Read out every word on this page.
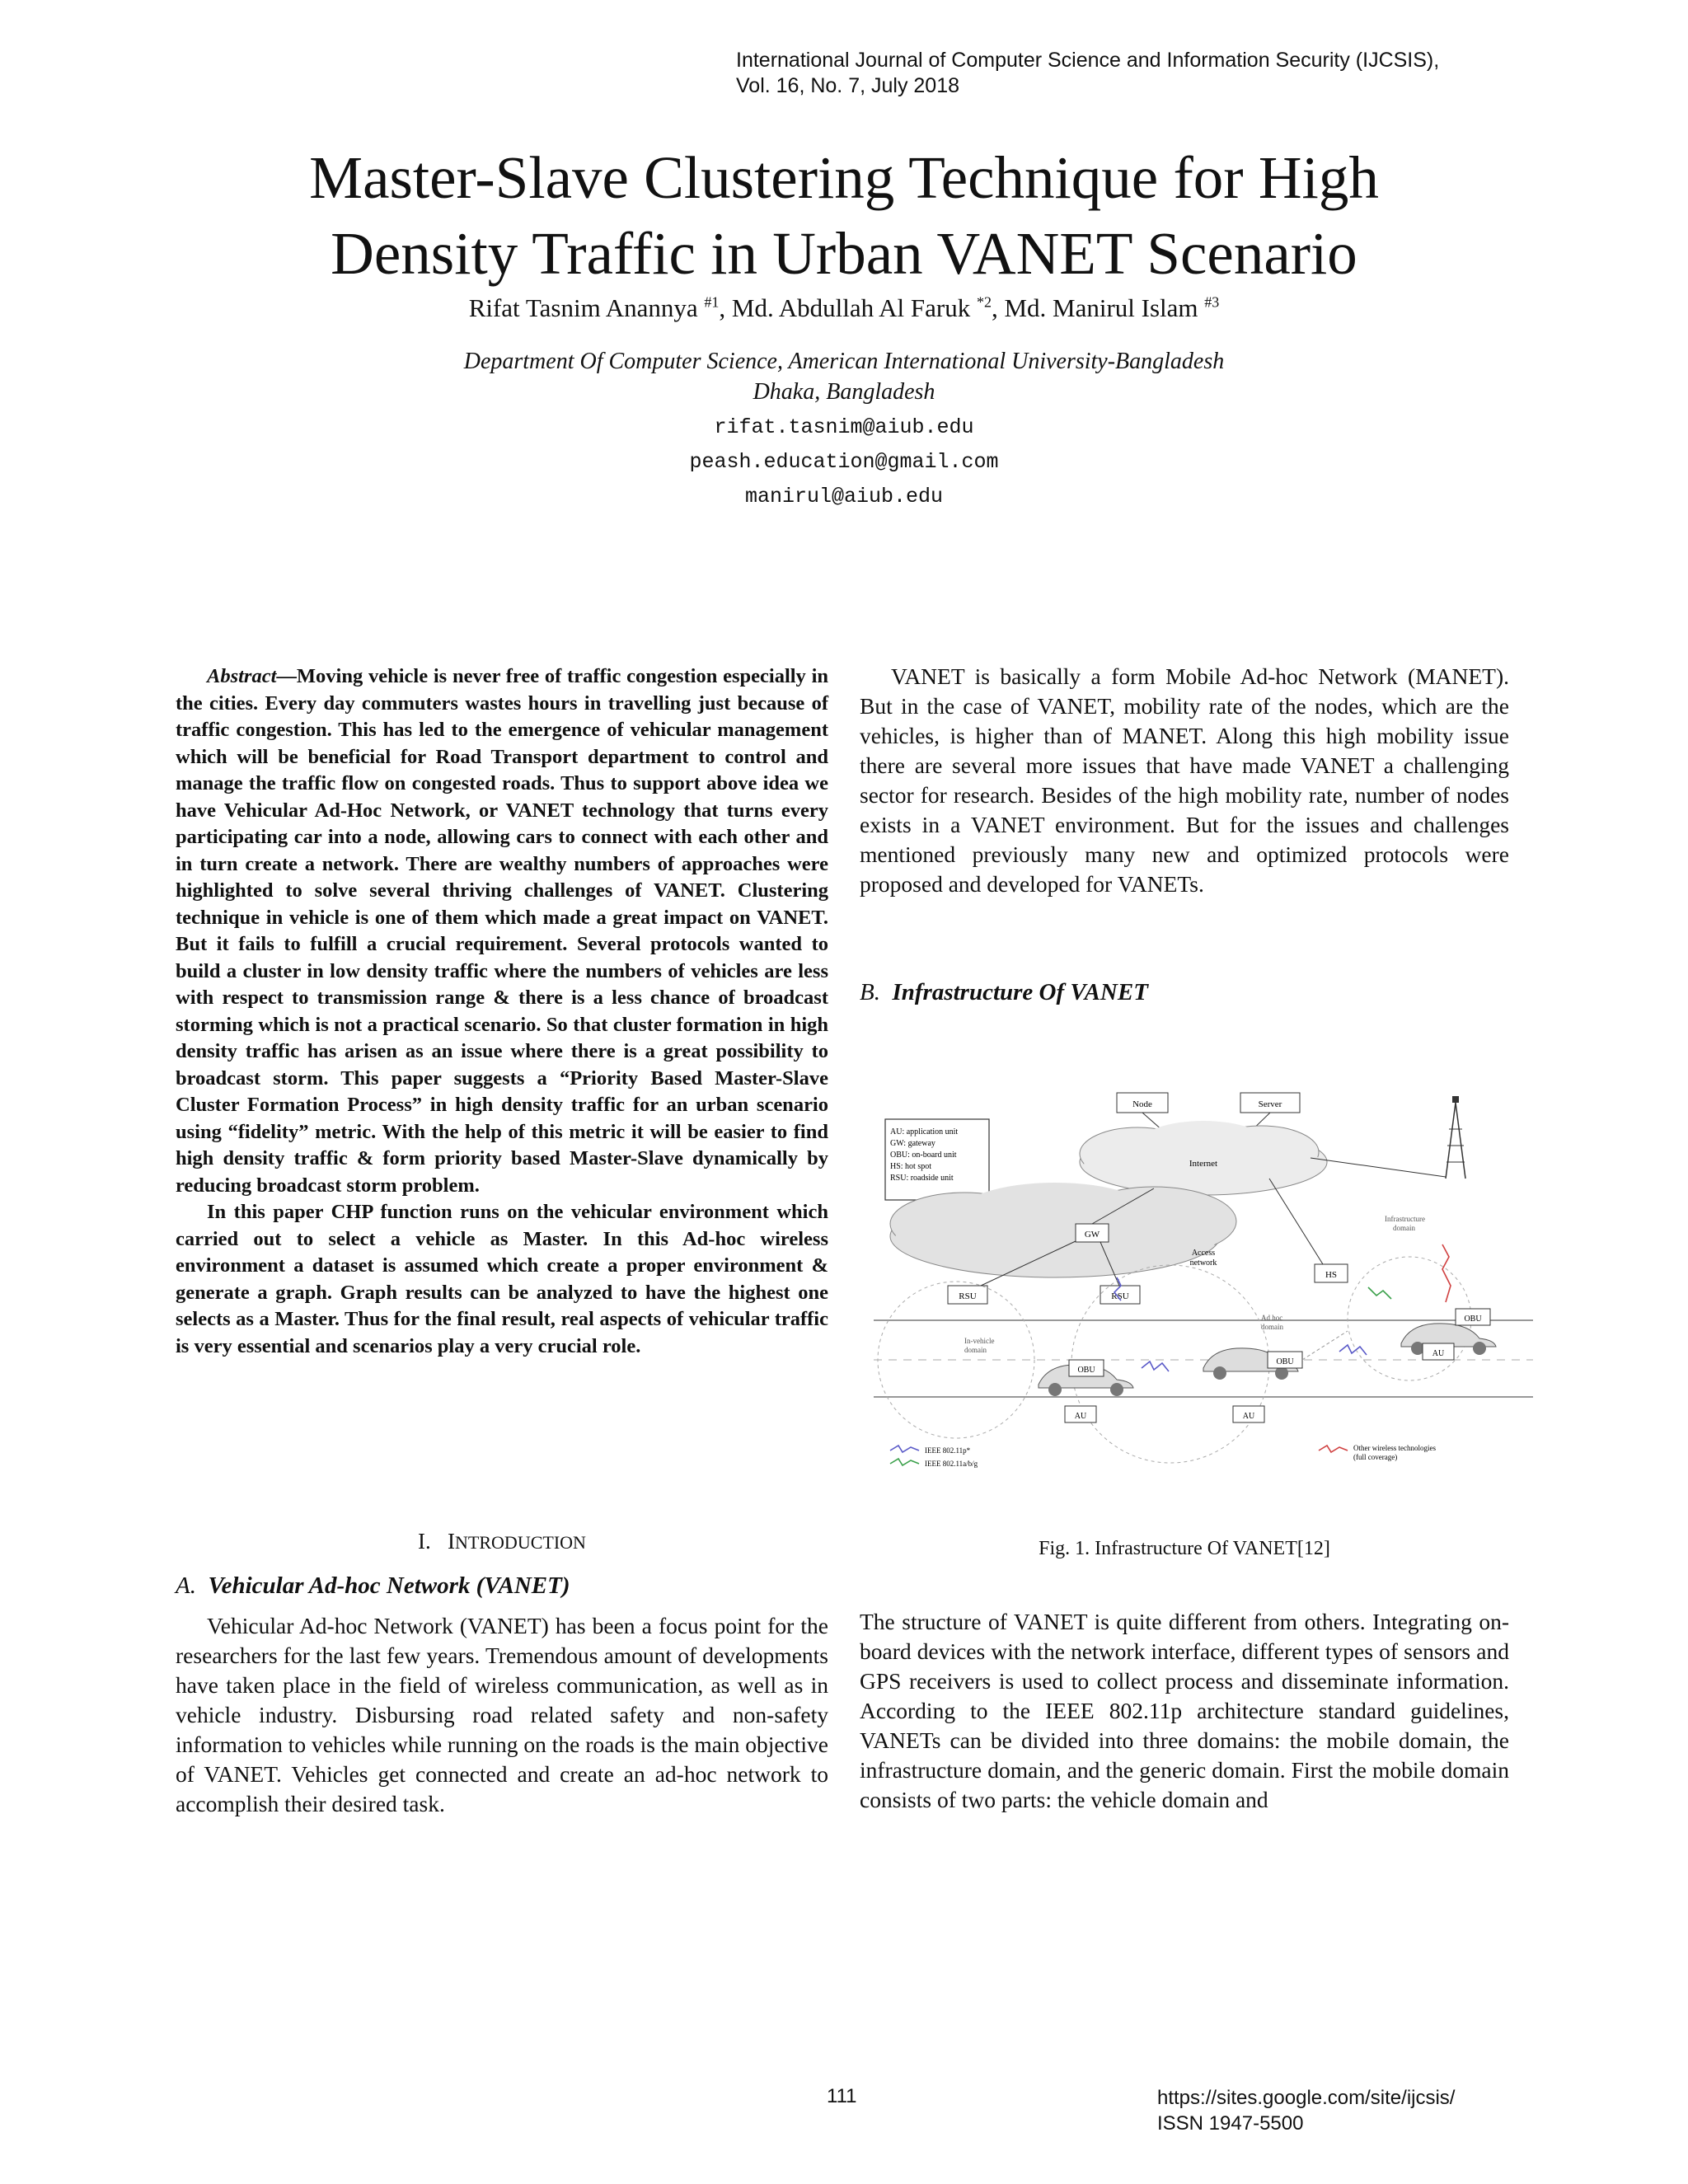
International Journal of Computer Science and Information Security (IJCSIS),
Vol. 16, No. 7, July 2018
Master-Slave Clustering Technique for High
Density Traffic in Urban VANET Scenario
Rifat Tasnim Anannya $^{\#1}$, Md. Abdullah Al Faruk $^{*2}$, Md. Manirul Islam $^{\#3}$
Department Of Computer Science, American International University-Bangladesh
Dhaka, Bangladesh
rifat.tasnim@aiub.edu
peash.education@gmail.com
manirul@aiub.edu

Abstract—Moving vehicle is never free of traffic congestion especially in the cities. Every day commuters wastes hours in travelling just because of traffic congestion. This has led to the emergence of vehicular management which will be beneficial for Road Transport department to control and manage the traffic flow on congested roads. Thus to support above idea we have Vehicular Ad-Hoc Network, or VANET technology that turns every participating car into a node, allowing cars to connect with each other and in turn create a network. There are wealthy numbers of approaches were highlighted to solve several thriving challenges of VANET. Clustering technique in vehicle is one of them which made a great impact on VANET. But it fails to fulfill a crucial requirement. Several protocols wanted to build a cluster in low density traffic where the numbers of vehicles are less with respect to transmission range & there is a less chance of broadcast storming which is not a practical scenario. So that cluster formation in high density traffic has arisen as an issue where there is a great possibility to broadcast storm. This paper suggests a “Priority Based Master-Slave Cluster Formation Process” in high density traffic for an urban scenario using “fidelity” metric. With the help of this metric it will be easier to find high density traffic & form priority based Master-Slave dynamically by reducing broadcast storm problem.

In this paper CHP function runs on the vehicular environment which carried out to select a vehicle as Master. In this Ad-hoc wireless environment a dataset is assumed which create a proper environment & generate a graph. Graph results can be analyzed to have the highest one selects as a Master. Thus for the final result, real aspects of vehicular traffic is very essential and scenarios play a very crucial role.

I. INTRODUCTION
A. Vehicular Ad-hoc Network (VANET)

Vehicular Ad-hoc Network (VANET) has been a focus point for the researchers for the last few years. Tremendous amount of developments have taken place in the field of wireless communication, as well as in vehicle industry. Disbursing road related safety and non-safety information to vehicles while running on the roads is the main objective of VANET. Vehicles get connected and create an ad-hoc network to accomplish their desired task.

VANET is basically a form Mobile Ad-hoc Network (MANET). But in the case of VANET, mobility rate of the nodes, which are the vehicles, is higher than of MANET. Along this high mobility issue there are several more issues that have made VANET a challenging sector for research. Besides of the high mobility rate, number of nodes exists in a VANET environment. But for the issues and challenges mentioned previously many new and optimized protocols were proposed and developed for VANETs.

B. Infrastructure Of VANET
AU: application unit
GW: gateway
OBU: on-board unit
HS: hot spot
RSU: roadside unit
Node	Server
Internet
Access
network
GW
RSU	RSU
HS
Infrastructure
domain
In-vehicle
domain
Ad hoc
domain
OBU
AU
OBU
AU
OBU
AU
IEEE 802.11p*
IEEE 802.11a/b/g
Other wireless technologies
(full coverage)
Fig. 1. Infrastructure Of VANET[12]

The structure of VANET is quite different from others. Integrating on-board devices with the network interface, different types of sensors and GPS receivers is used to collect process and disseminate information. According to the IEEE 802.11p architecture standard guidelines, VANETs can be divided into three domains: the mobile domain, the infrastructure domain, and the generic domain. First the mobile domain consists of two parts: the vehicle domain and

111	https://sites.google.com/site/ijcsis/
ISSN 1947-5500
